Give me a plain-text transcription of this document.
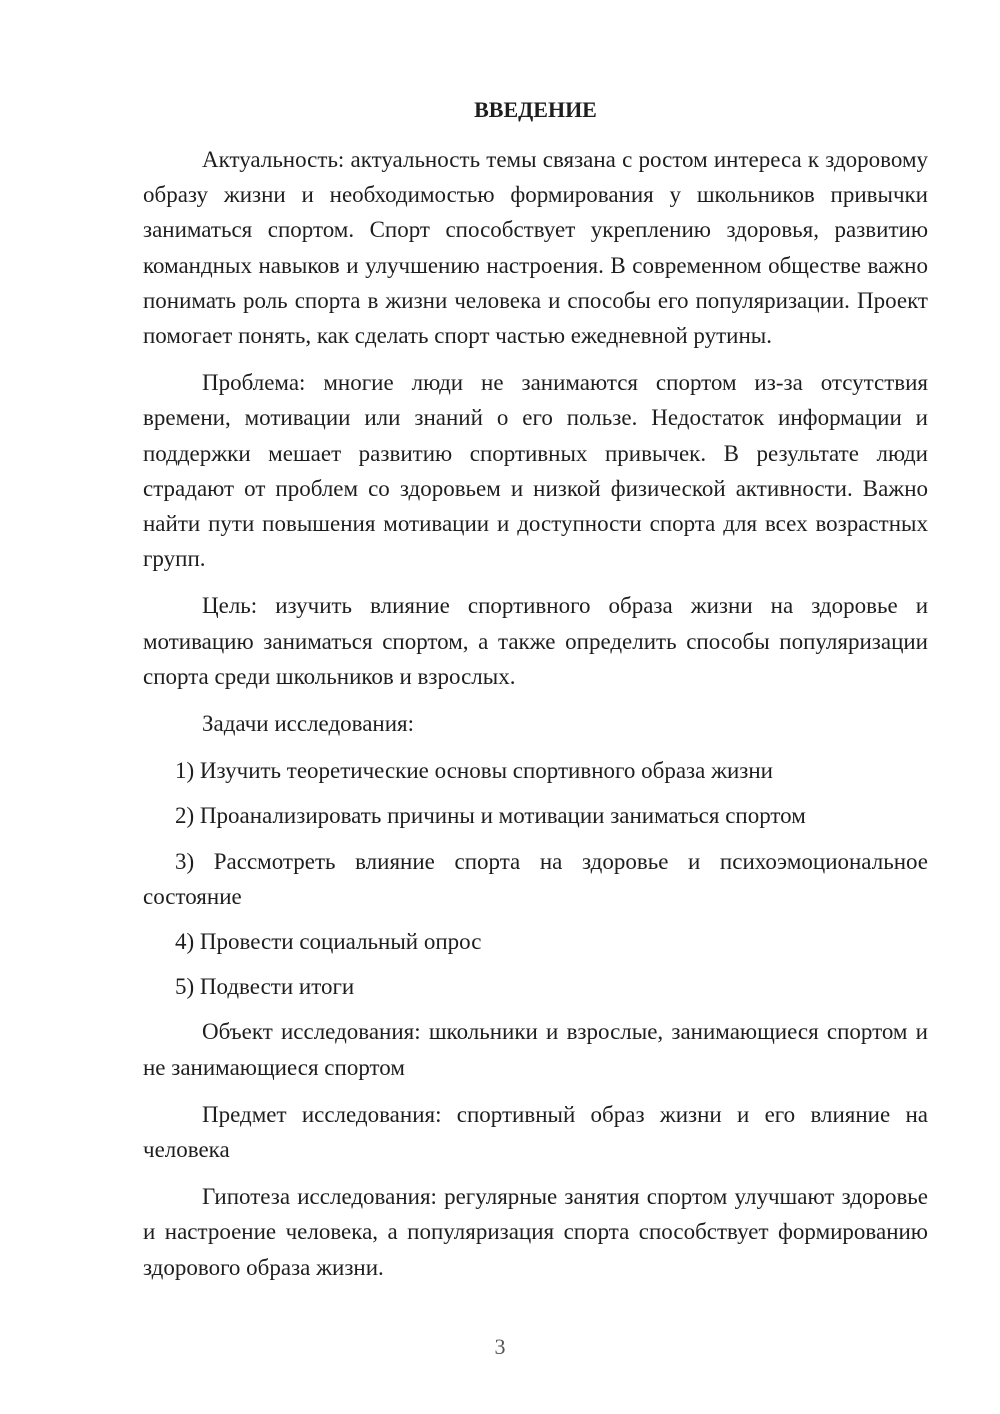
ВВЕДЕНИЕ

Актуальность: актуальность темы связана с ростом интереса к здоровому образу жизни и необходимостью формирования у школьников привычки заниматься спортом. Спорт способствует укреплению здоровья, развитию командных навыков и улучшению настроения. В современном обществе важно понимать роль спорта в жизни человека и способы его популяризации. Проект помогает понять, как сделать спорт частью ежедневной рутины.

Проблема: многие люди не занимаются спортом из-за отсутствия времени, мотивации или знаний о его пользе. Недостаток информации и поддержки мешает развитию спортивных привычек. В результате люди страдают от проблем со здоровьем и низкой физической активности. Важно найти пути повышения мотивации и доступности спорта для всех возрастных групп.

Цель: изучить влияние спортивного образа жизни на здоровье и мотивацию заниматься спортом, а также определить способы популяризации спорта среди школьников и взрослых.

Задачи исследования:

1) Изучить теоретические основы спортивного образа жизни

2) Проанализировать причины и мотивации заниматься спортом

3) Рассмотреть влияние спорта на здоровье и психоэмоциональное состояние

4) Провести социальный опрос

5) Подвести итоги

Объект исследования: школьники и взрослые, занимающиеся спортом и не занимающиеся спортом

Предмет исследования: спортивный образ жизни и его влияние на человека

Гипотеза исследования: регулярные занятия спортом улучшают здоровье и настроение человека, а популяризация спорта способствует формированию здорового образа жизни.

3
